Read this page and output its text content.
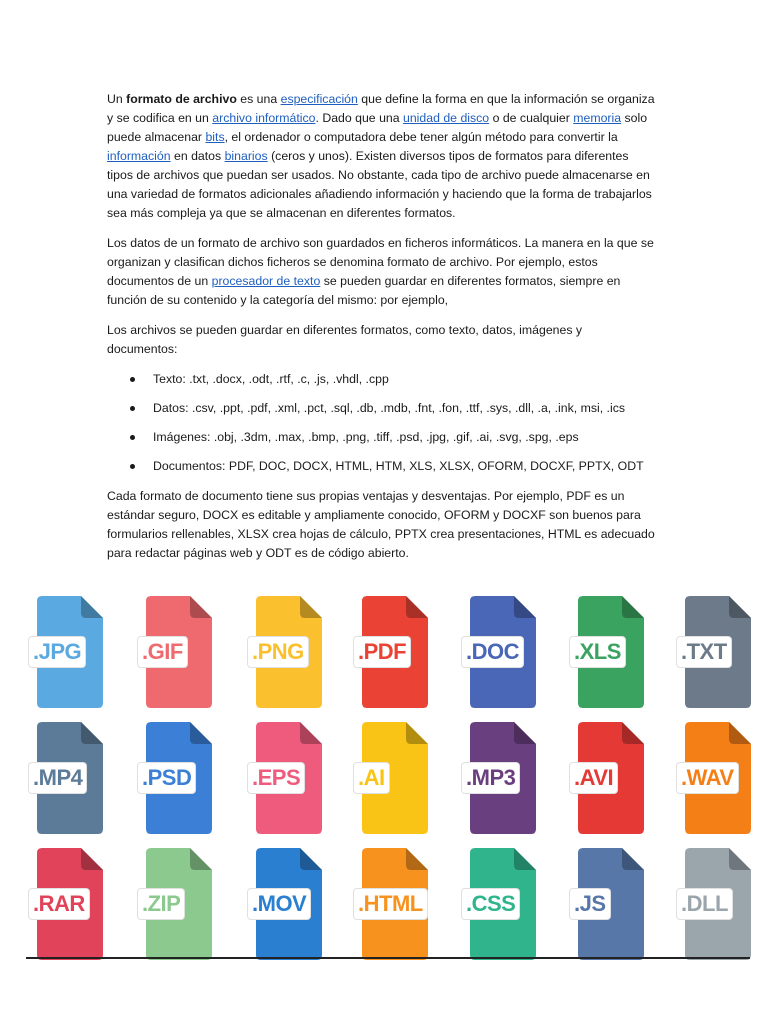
Un formato de archivo es una especificación que define la forma en que la información se organiza y se codifica en un archivo informático. Dado que una unidad de disco o de cualquier memoria solo puede almacenar bits, el ordenador o computadora debe tener algún método para convertir la información en datos binarios (ceros y unos). Existen diversos tipos de formatos para diferentes tipos de archivos que puedan ser usados. No obstante, cada tipo de archivo puede almacenarse en una variedad de formatos adicionales añadiendo información y haciendo que la forma de trabajarlos sea más compleja ya que se almacenan en diferentes formatos.

Los datos de un formato de archivo son guardados en ficheros informáticos. La manera en la que se organizan y clasifican dichos ficheros se denomina formato de archivo. Por ejemplo, estos documentos de un procesador de texto se pueden guardar en diferentes formatos, siempre en función de su contenido y la categoría del mismo: por ejemplo,

Los archivos se pueden guardar en diferentes formatos, como texto, datos, imágenes y documentos:

Texto: .txt, .docx, .odt, .rtf, .c, .js, .vhdl, .cpp
Datos: .csv, .ppt, .pdf, .xml, .pct, .sql, .db, .mdb, .fnt, .fon, .ttf, .sys, .dll, .a, .ink, msi, .ics
Imágenes: .obj, .3dm, .max, .bmp, .png, .tiff, .psd, .jpg, .gif, .ai, .svg, .spg, .eps
Documentos: PDF, DOC, DOCX, HTML, HTM, XLS, XLSX, OFORM, DOCXF, PPTX, ODT

Cada formato de documento tiene sus propias ventajas y desventajas. Por ejemplo, PDF es un estándar seguro, DOCX es editable y ampliamente conocido, OFORM y DOCXF son buenos para formularios rellenables, XLSX crea hojas de cálculo, PPTX crea presentaciones, HTML es adecuado para redactar páginas web y ODT es de código abierto.

.JPG	.GIF	.PNG .PDF	.DOC	.XLS	.TXT
.MP4	.PSD	.EPS	.AI	.MP3	.AVI	.WAV
.RAR	.ZIP	.MOV .HTML .CSS	.JS	.DLL
